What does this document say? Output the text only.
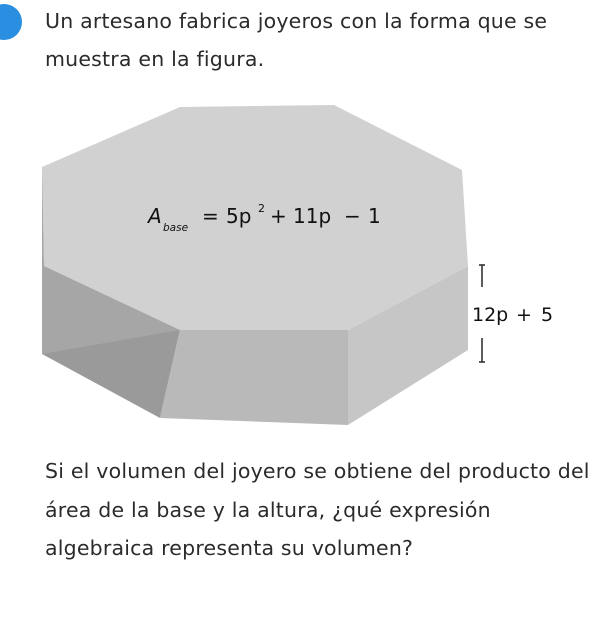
Un artesano fabrica joyeros con la forma que se muestra en la figura.
A base = 5p 2 + 11p − 1
12p + 5
Si el volumen del joyero se obtiene del producto del área de la base y la altura, ¿qué expresión algebraica representa su volumen?
